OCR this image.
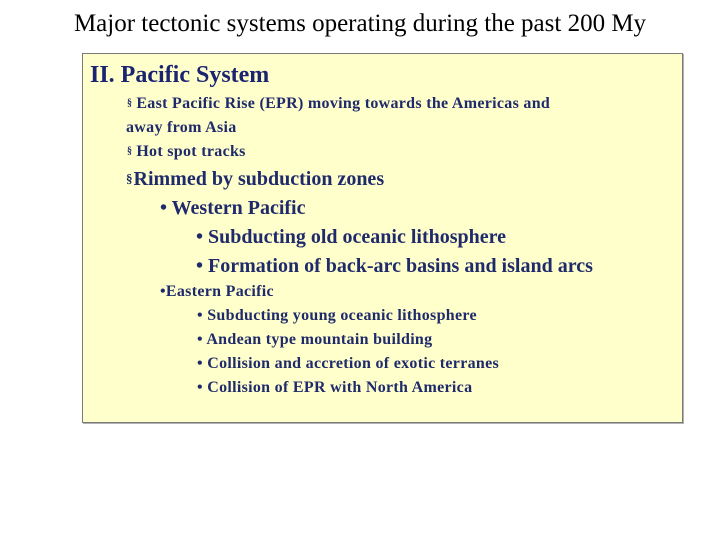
Major tectonic systems operating during the past 200 My
II. Pacific System
§ East Pacific Rise (EPR) moving towards the Americas and
away from Asia
§ Hot spot tracks
§Rimmed by subduction zones
• Western Pacific
• Subducting old oceanic lithosphere
• Formation of back-arc basins and island arcs
•Eastern Pacific
• Subducting young oceanic lithosphere
• Andean type mountain building
• Collision and accretion of exotic terranes
• Collision of EPR with North America
